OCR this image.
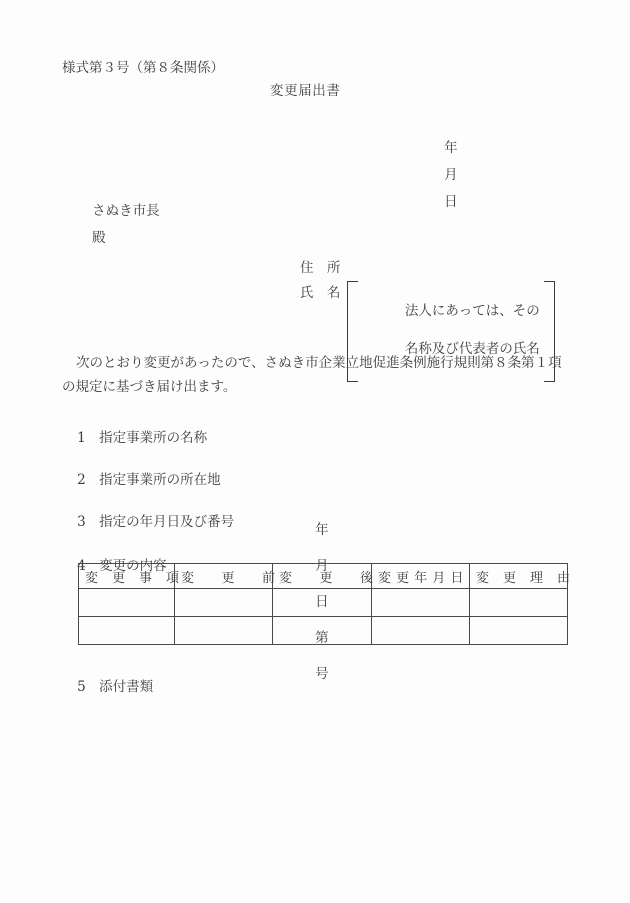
様式第３号（第８条関係）
変更届出書

年

月

日

さぬき市長

殿

住　所
氏　名

法人にあっては、その

名称及び代表者の氏名

次のとおり変更があったので、さぬき市企業立地促進条例施行規則第８条第１項の規定に基づき届け出ます。

1 指定事業所の名称

2 指定事業所の所在地

3 指定の年月日及び番号

年

月

日

第

号

4 変更の内容

変　更　事　項	変　　更　　前	変　　更　　後	変 更 年 月 日	変　更　理　由

5 添付書類
